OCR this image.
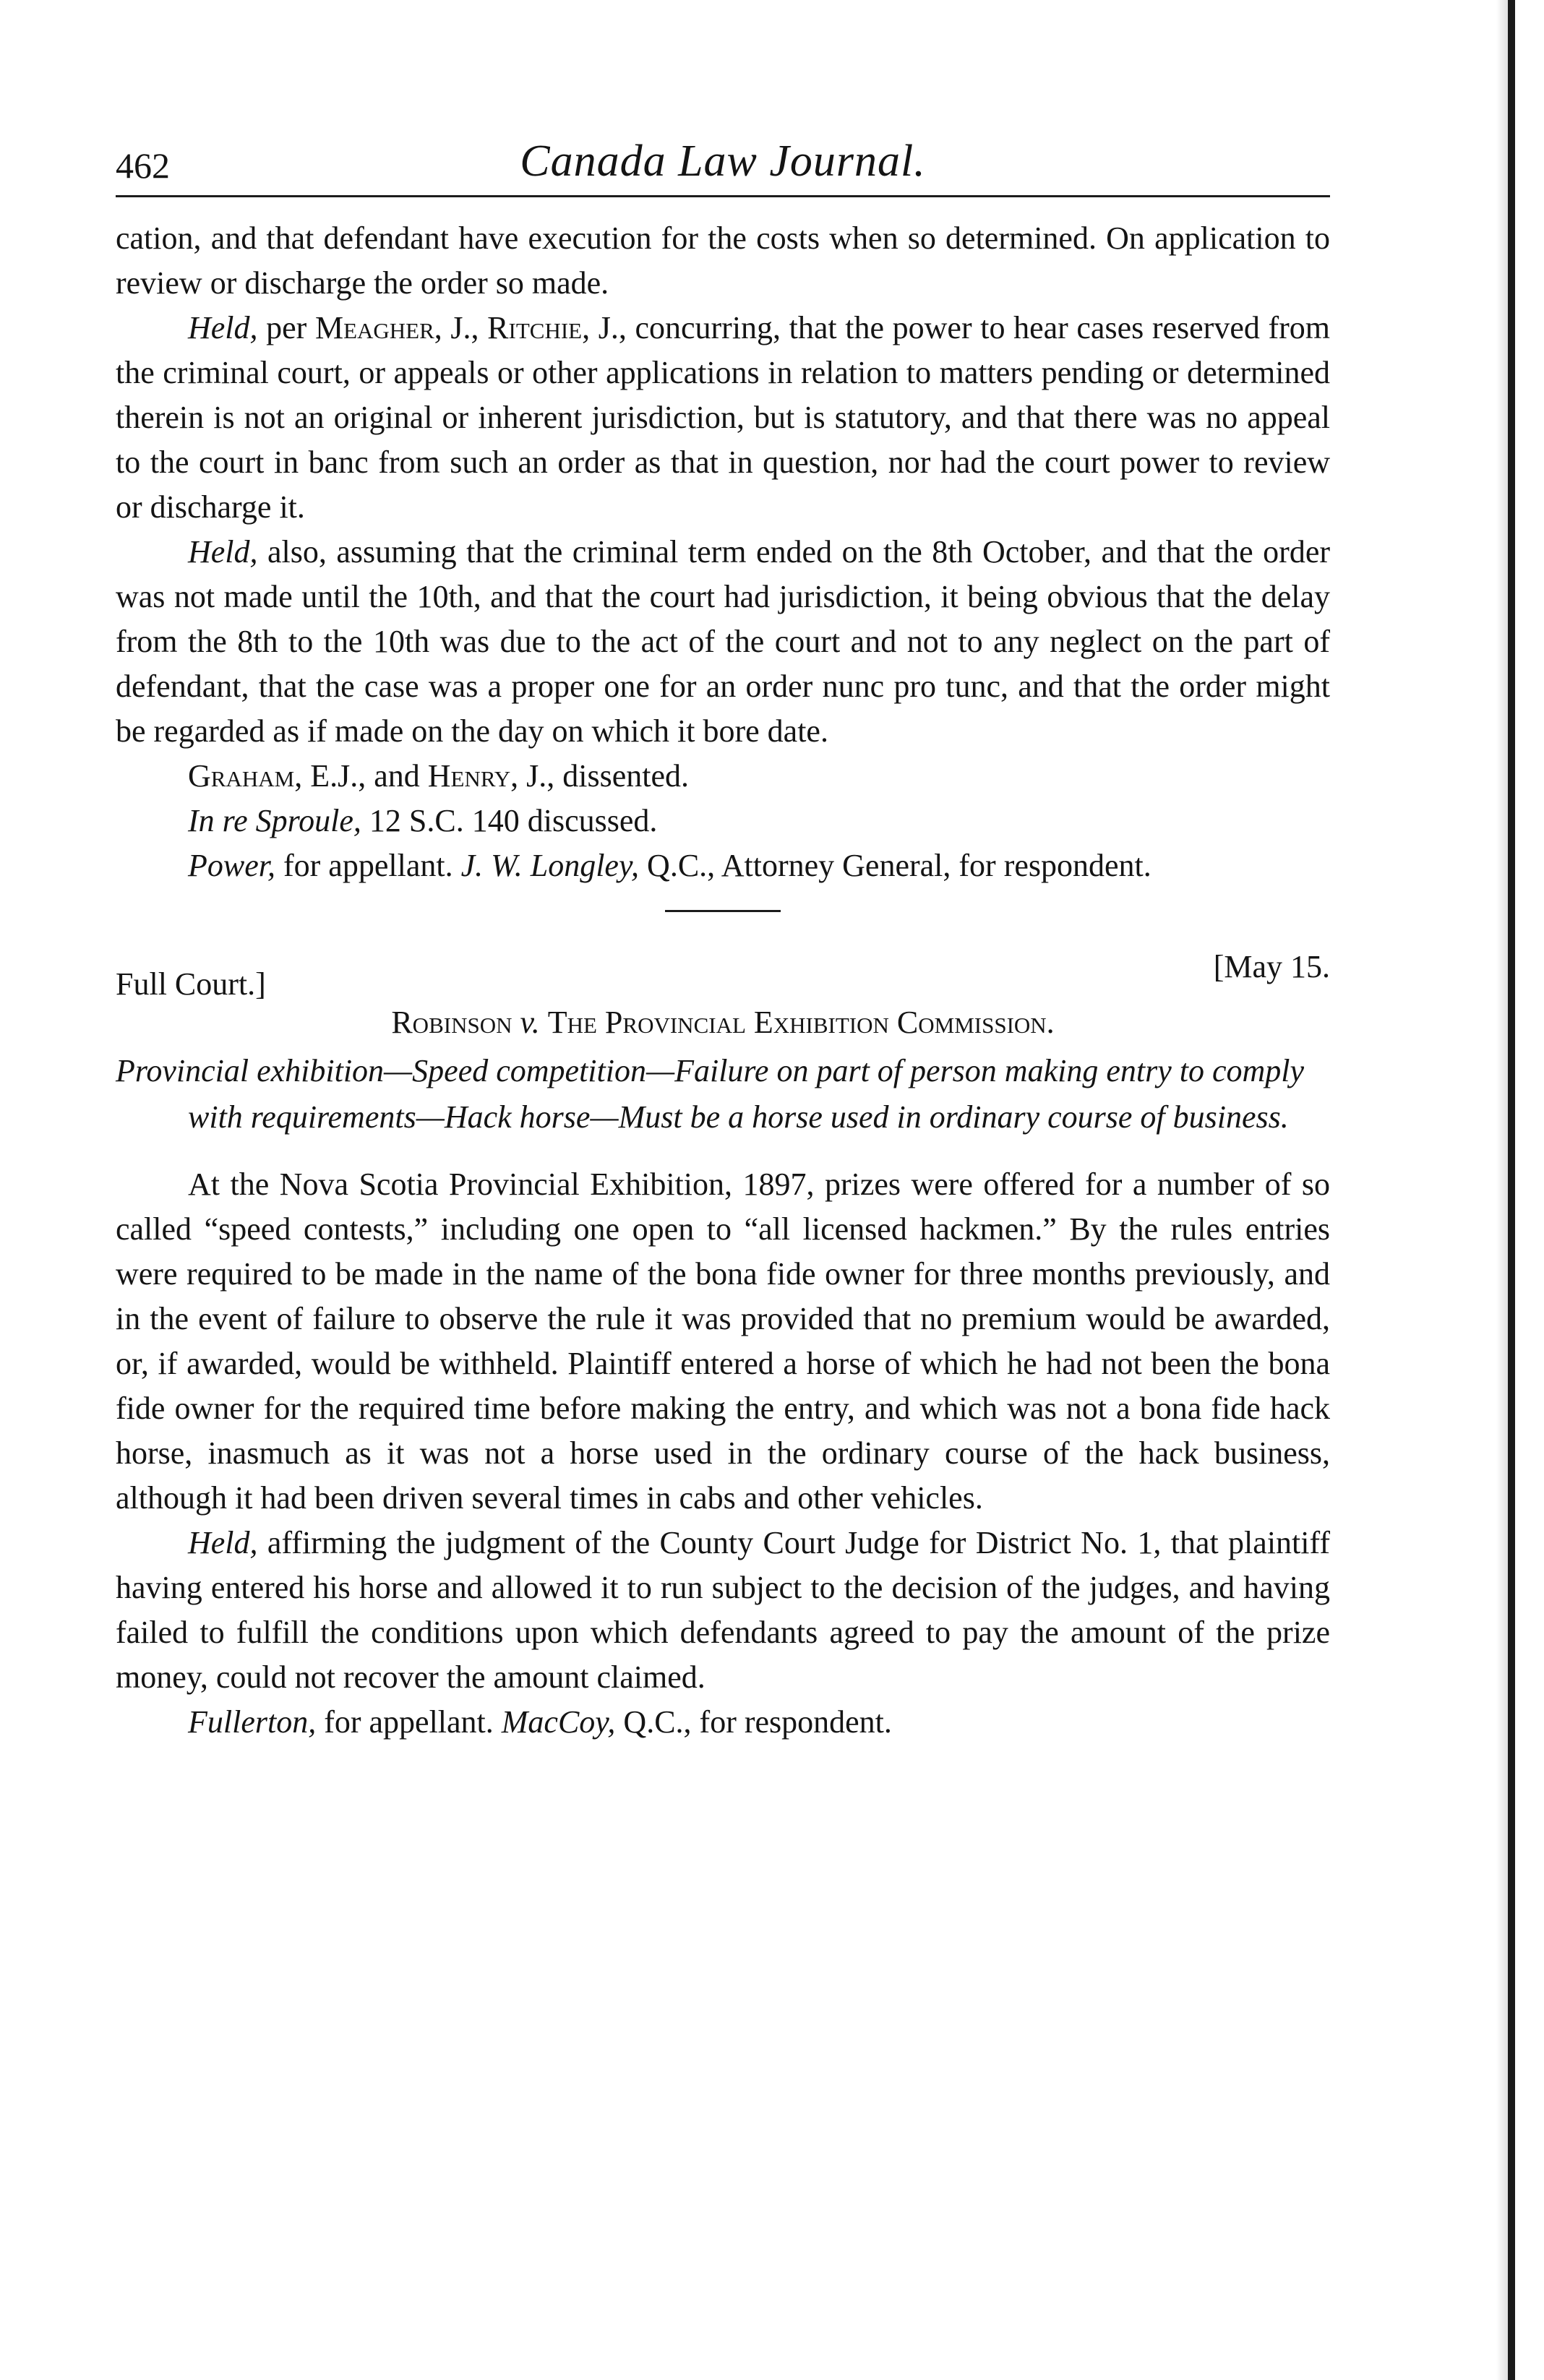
462	Canada Law Journal.

cation, and that defendant have execution for the costs when so determined. On application to review or discharge the order so made.

Held, per Meagher, J., Ritchie, J., concurring, that the power to hear cases reserved from the criminal court, or appeals or other applications in relation to matters pending or determined therein is not an original or inherent jurisdiction, but is statutory, and that there was no appeal to the court in banc from such an order as that in question, nor had the court power to review or discharge it.

Held, also, assuming that the criminal term ended on the 8th October, and that the order was not made until the 10th, and that the court had jurisdiction, it being obvious that the delay from the 8th to the 10th was due to the act of the court and not to any neglect on the part of defendant, that the case was a proper one for an order nunc pro tunc, and that the order might be regarded as if made on the day on which it bore date.

Graham, E.J., and Henry, J., dissented.

In re Sproule, 12 S.C. 140 discussed.

Power, for appellant. J. W. Longley, Q.C., Attorney General, for respondent.

Full Court.]	[May 15.
Robinson v. The Provincial Exhibition Commission.
Provincial exhibition—Speed competition—Failure on part of person making entry to comply with requirements—Hack horse—Must be a horse used in ordinary course of business.

At the Nova Scotia Provincial Exhibition, 1897, prizes were offered for a number of so called “speed contests,” including one open to “all licensed hackmen.” By the rules entries were required to be made in the name of the bona fide owner for three months previously, and in the event of failure to observe the rule it was provided that no premium would be awarded, or, if awarded, would be withheld. Plaintiff entered a horse of which he had not been the bona fide owner for the required time before making the entry, and which was not a bona fide hack horse, inasmuch as it was not a horse used in the ordinary course of the hack business, although it had been driven several times in cabs and other vehicles.

Held, affirming the judgment of the County Court Judge for District No. 1, that plaintiff having entered his horse and allowed it to run subject to the decision of the judges, and having failed to fulfill the conditions upon which defendants agreed to pay the amount of the prize money, could not recover the amount claimed.

Fullerton, for appellant. MacCoy, Q.C., for respondent.
